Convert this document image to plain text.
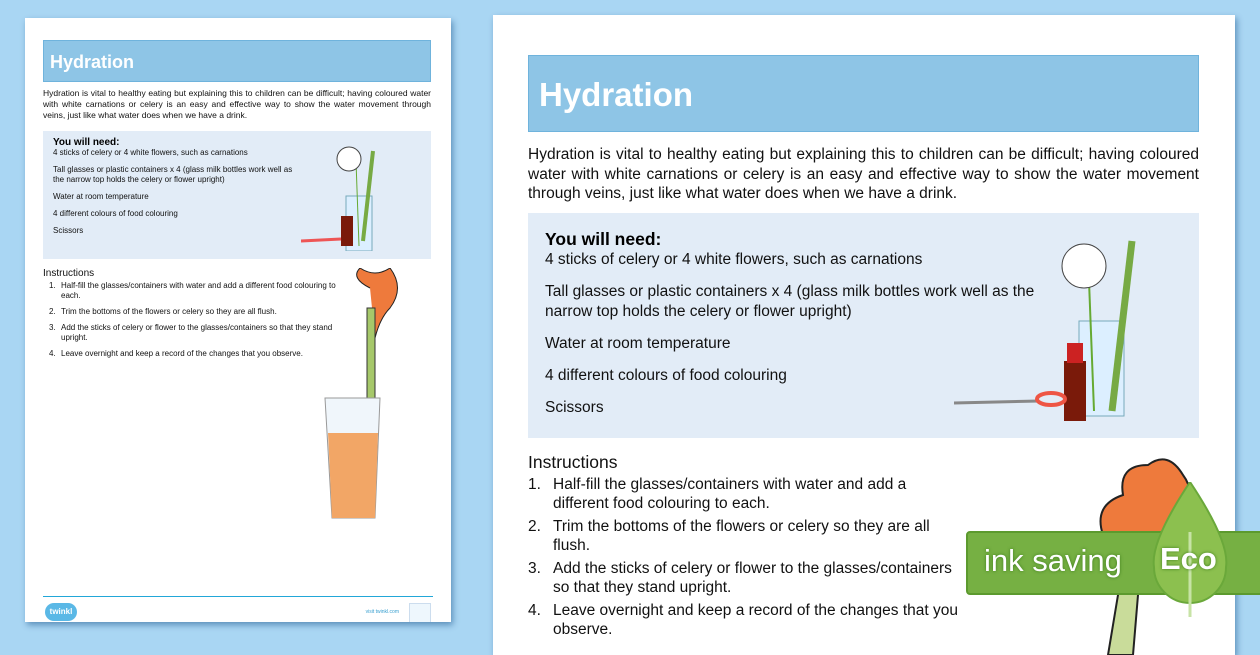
Hydration

Hydration is vital to healthy eating but explaining this to children can be difficult; having coloured water with white carnations or celery is an easy and effective way to show the water movement through veins, just like what water does when we have a drink.

You will need:

4 sticks of celery or 4 white flowers, such as carnations

Tall glasses or plastic containers x 4 (glass milk bottles work well as the narrow top holds the celery or flower upright)

Water at room temperature

4 different colours of food colouring

Scissors

Instructions
1. Half-fill the glasses/containers with water and add a different food colouring to each.
2. Trim the bottoms of the flowers or celery so they are all flush.
3. Add the sticks of celery or flower to the glasses/containers so that they stand upright.
4. Leave overnight and keep a record of the changes that you observe.
twinkl	visit twinkl.com
Hydration

Hydration is vital to healthy eating but explaining this to children can be difficult; having coloured water with white carnations or celery is an easy and effective way to show the water movement through veins, just like what water does when we have a drink.

You will need:

4 sticks of celery or 4 white flowers, such as carnations

Tall glasses or plastic containers x 4 (glass milk bottles work well as the narrow top holds the celery or flower upright)

Water at room temperature

4 different colours of food colouring

Scissors

Instructions
1. Half-fill the glasses/containers with water and add a different food colouring to each.
2. Trim the bottoms of the flowers or celery so they are all flush.
3. Add the sticks of celery or flower to the glasses/containers so that they stand upright.
4. Leave overnight and keep a record of the changes that you observe.
ink saving Eco
